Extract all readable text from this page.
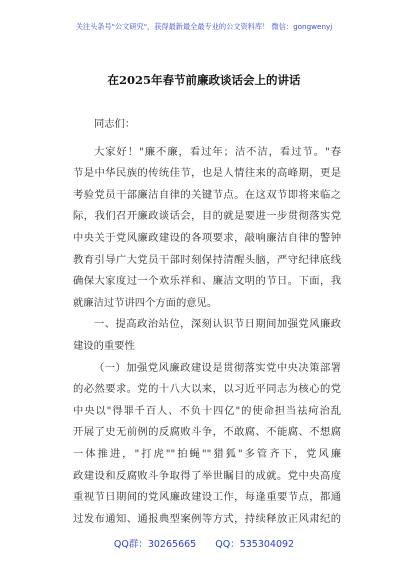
关注头条号"公文研究"，获得最新最全最专业的公文资料库！ 微信：gongwenyj
在2025年春节前廉政谈话会上的讲话
同志们：
大家好！"廉不廉，看过年；洁不洁，看过节。"春
节是中华民族的传统佳节，也是人情往来的高峰期，更是
考验党员干部廉洁自律的关键节点。在这双节即将来临之
际，我们召开廉政谈话会，目的就是要进一步贯彻落实党
中央关于党风廉政建设的各项要求，敲响廉洁自律的警钟
教育引导广大党员干部时刻保持清醒头脑，严守纪律底线
确保大家度过一个欢乐祥和、廉洁文明的节日。下面，我
就廉洁过节讲四个方面的意见。
一、提高政治站位，深刻认识节日期间加强党风廉政
建设的重要性
（一）加强党风廉政建设是贯彻落实党中央决策部署
的必然要求。党的十八大以来，以习近平同志为核心的党
中央以"得罪千百人、不负十四亿"的使命担当祛疴治乱
开展了史无前例的反腐败斗争，不敢腐、不能腐、不想腐
一体推进，"打虎""拍蝇""猎狐"多管齐下，党风廉
政建设和反腐败斗争取得了举世瞩目的成就。党中央高度
重视节日期间的党风廉政建设工作，每逢重要节点，都通
过发布通知、通报典型案例等方式，持续释放正风肃纪的
QQ群：30265665 QQ：535304092
